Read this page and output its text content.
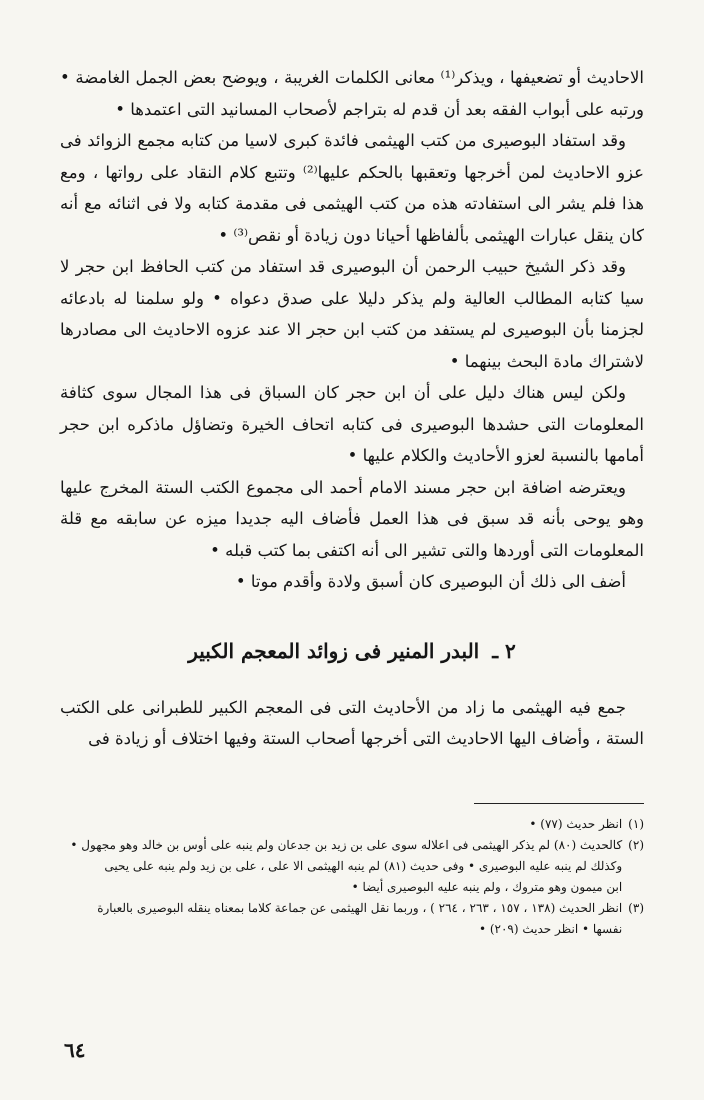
الاحاديث أو تضعيفها ، ويذكر⁽¹⁾ معانى الكلمات الغريبة ، ويوضح بعض الجمل الغامضة • ورتبه على أبواب الفقه بعد أن قدم له بتراجم لأصحاب المسانيد التى اعتمدها •

وقد استفاد البوصيرى من كتب الهيثمى فائدة كبرى لاسيا من كتابه مجمع الزوائد فى عزو الاحاديث لمن أخرجها وتعقبها بالحكم عليها⁽²⁾ وتتبع كلام النقاد على رواتها ، ومع هذا فلم يشر الى استفادته هذه من كتب الهيثمى فى مقدمة كتابه ولا فى اثنائه مع أنه كان ينقل عبارات الهيثمى بألفاظها أحيانا دون زيادة أو نقص⁽³⁾ •

وقد ذكر الشيخ حبيب الرحمن أن البوصيرى قد استفاد من كتب الحافظ ابن حجر لا سيا كتابه المطالب العالية ولم يذكر دليلا على صدق دعواه • ولو سلمنا له بادعائه لجزمنا بأن البوصيرى لم يستفد من كتب ابن حجر الا عند عزوه الاحاديث الى مصادرها لاشتراك مادة البحث بينهما •

ولكن ليس هناك دليل على أن ابن حجر كان السباق فى هذا المجال سوى كثافة المعلومات التى حشدها البوصيرى فى كتابه اتحاف الخيرة وتضاؤل ماذكره ابن حجر أمامها بالنسبة لعزو الأحاديث والكلام عليها •

ويعترضه اضافة ابن حجر مسند الامام أحمد الى مجموع الكتب الستة المخرج عليها وهو يوحى بأنه قد سبق فى هذا العمل فأضاف اليه جديدا ميزه عن سابقه مع قلة المعلومات التى أوردها والتى تشير الى أنه اكتفى بما كتب قبله •

أضف الى ذلك أن البوصيرى كان أسبق ولادة وأقدم موتا •

٢ ـ البدر المنير فى زوائد المعجم الكبير

جمع فيه الهيثمى ما زاد من الأحاديث التى فى المعجم الكبير للطبرانى على الكتب الستة ، وأضاف اليها الاحاديث التى أخرجها أصحاب الستة وفيها اختلاف أو زيادة فى

(١)
انظر حديث (٧٧) •
(٢)
كالحديث (٨٠) لم يذكر الهيثمى فى اعلاله سوى على بن زيد بن جدعان ولم ينبه على أوس بن خالد وهو مجهول •
وكذلك لم ينبه عليه البوصيرى • وفى حديث (٨١) لم ينبه الهيثمى الا على ، على بن زيد ولم ينبه على يحيى
ابن ميمون وهو متروك ، ولم ينبه عليه البوصيرى أيضا •
(٣)
انظر الحديث (١٣٨ ، ١٥٧ ، ٢٦٣ ، ٢٦٤ ) ، وربما نقل الهيثمى عن جماعة كلاما بمعناه ينقله البوصيرى بالعبارة
نفسها • انظر حديث (٢٠٩) •
٦٤
